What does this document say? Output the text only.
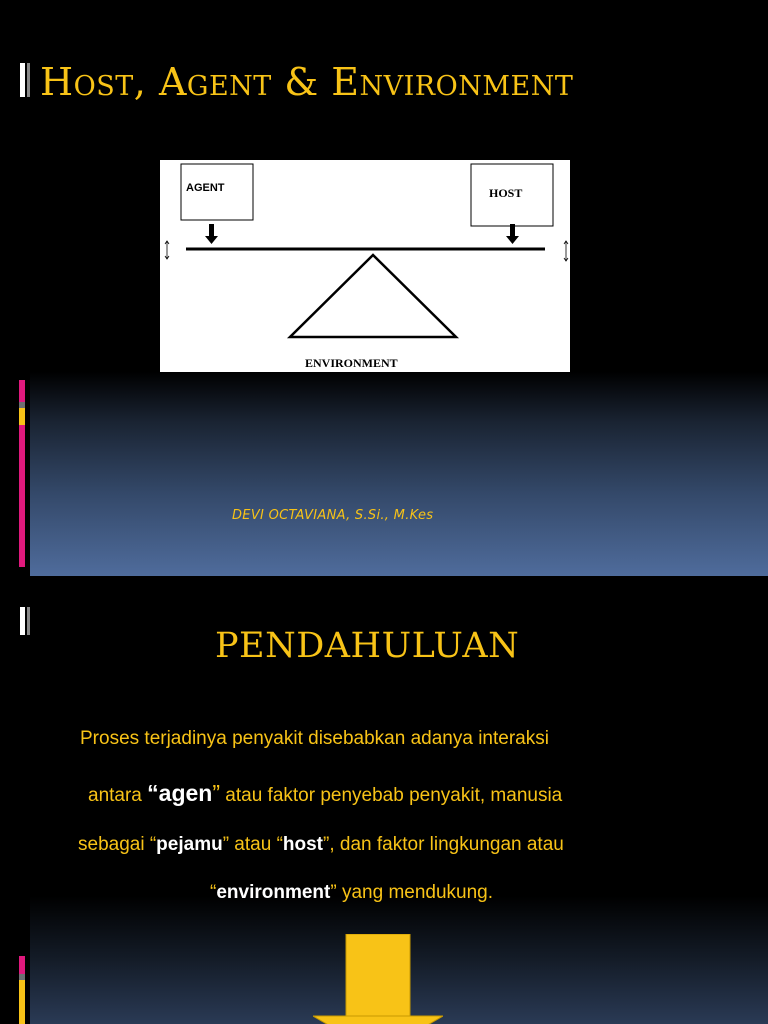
Host, Agent & Environment
AGENT	HOST
ENVIRONMENT
DEVI OCTAVIANA, S.Si., M.Kes
PENDAHULUAN
Proses terjadinya penyakit disebabkan adanya interaksi
antara “agen” atau faktor penyebab penyakit, manusia
sebagai “pejamu” atau “host”, dan faktor lingkungan atau
“environment” yang mendukung.
